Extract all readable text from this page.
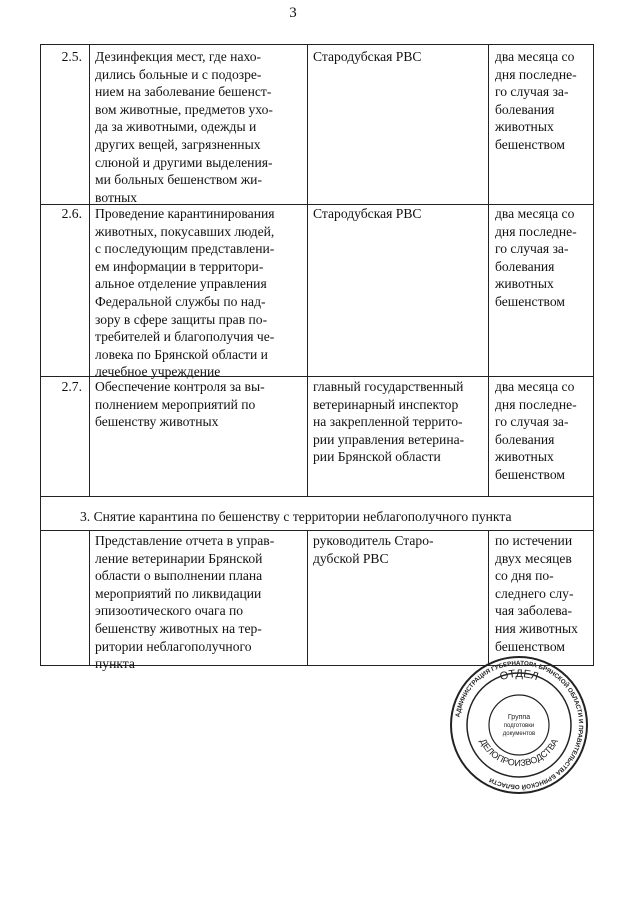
3
2.5. Дезинфекция мест, где нахо-
дились больные и с подозре-
нием на заболевание бешенст-
вом животные, предметов ухо-
да за животными, одежды и
других вещей, загрязненных
слюной и другими выделения-
ми больных бешенством жи-
вотных
Стародубская РВС	два месяца со
дня последне-
го случая за-
болевания
животных
бешенством
2.6. Проведение карантинирования
животных, покусавших людей,
с последующим представлени-
ем информации в территори-
альное отделение управления
Федеральной службы по над-
зору в сфере защиты прав по-
требителей и благополучия че-
ловека по Брянской области и
лечебное учреждение
Стародубская РВС	два месяца со
дня последне-
го случая за-
болевания
животных
бешенством
2.7. Обеспечение контроля за вы-
полнением мероприятий по
бешенству животных
главный государственный
ветеринарный инспектор
на закрепленной террито-
рии управления ветерина-
рии Брянской области
два месяца со
дня последне-
го случая за-
болевания
животных
бешенством
Представление отчета в управ-
ление ветеринарии Брянской
области о выполнении плана
мероприятий по ликвидации
эпизоотического очага по
бешенству животных на тер-
ритории неблагополучного
пункта
руководитель Старо-
дубской РВС
по истечении
двух месяцев
со дня по-
следнего слу-
чая заболева-
ния животных
бешенством
3. Снятие карантина по бешенству с территории неблагополучного пункта
АДМИНИСТРАЦИЯ ГУБЕРНАТОРА БРЯНСКОЙ ОБЛАСТИ И ПРАВИТЕЛЬСТВА БРЯНСКОЙ ОБЛАСТИ
ОТДЕЛ
ДЕЛОПРОИЗВОДСТВА
Группа
подготовки
документов
